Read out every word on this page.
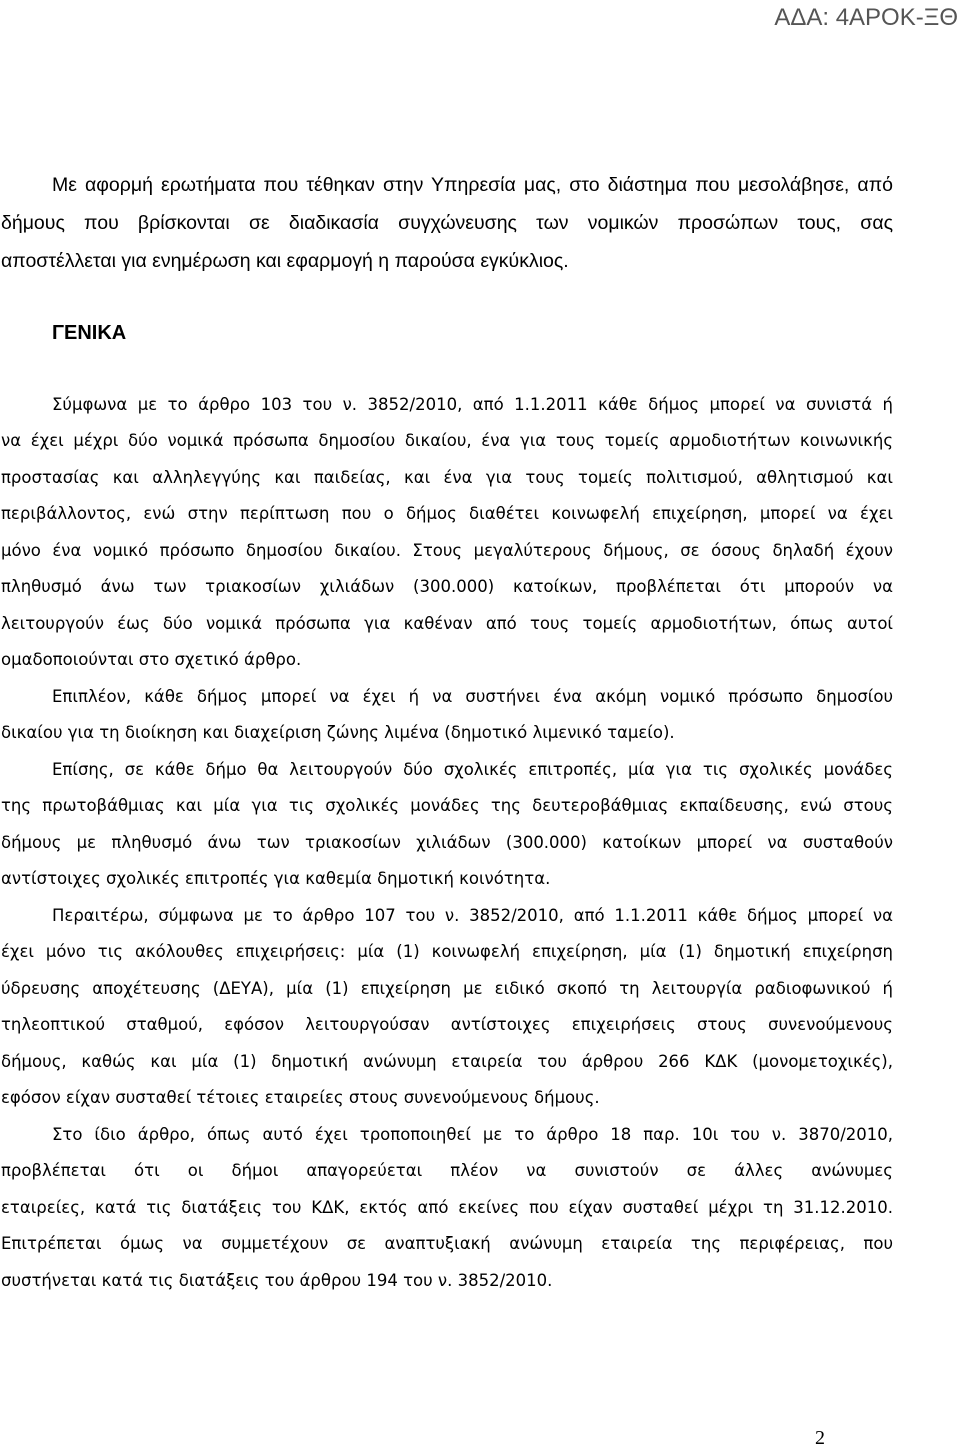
ΑΔΑ: 4ΑΡΟΚ-ΞΘ
Με αφορμή ερωτήματα που τέθηκαν στην Υπηρεσία μας, στο διάστημα που μεσολάβησε, από
δήμους που βρίσκονται σε διαδικασία συγχώνευσης των νομικών προσώπων τους, σας
αποστέλλεται για ενημέρωση και εφαρμογή η παρούσα εγκύκλιος.
ΓΕΝΙΚΑ
Σύμφωνα με το άρθρο 103 του ν. 3852/2010, από 1.1.2011 κάθε δήμος μπορεί να συνιστά ή
να έχει μέχρι δύο νομικά πρόσωπα δημοσίου δικαίου, ένα για τους τομείς αρμοδιοτήτων κοινωνικής
προστασίας και αλληλεγγύης και παιδείας, και ένα για τους τομείς πολιτισμού, αθλητισμού και
περιβάλλοντος, ενώ στην περίπτωση που ο δήμος διαθέτει κοινωφελή επιχείρηση, μπορεί να έχει
μόνο ένα νομικό πρόσωπο δημοσίου δικαίου. Στους μεγαλύτερους δήμους, σε όσους δηλαδή έχουν
πληθυσμό άνω των τριακοσίων χιλιάδων (300.000) κατοίκων, προβλέπεται ότι μπορούν να
λειτουργούν έως δύο νομικά πρόσωπα για καθέναν από τους τομείς αρμοδιοτήτων, όπως αυτοί
ομαδοποιούνται στο σχετικό άρθρο.
Επιπλέον, κάθε δήμος μπορεί να έχει ή να συστήνει ένα ακόμη νομικό πρόσωπο δημοσίου
δικαίου για τη διοίκηση και διαχείριση ζώνης λιμένα (δημοτικό λιμενικό ταμείο).
Επίσης, σε κάθε δήμο θα λειτουργούν δύο σχολικές επιτροπές, μία για τις σχολικές μονάδες
της πρωτοβάθμιας και μία για τις σχολικές μονάδες της δευτεροβάθμιας εκπαίδευσης, ενώ στους
δήμους με πληθυσμό άνω των τριακοσίων χιλιάδων (300.000) κατοίκων μπορεί να συσταθούν
αντίστοιχες σχολικές επιτροπές για καθεμία δημοτική κοινότητα.
Περαιτέρω, σύμφωνα με το άρθρο 107 του ν. 3852/2010, από 1.1.2011 κάθε δήμος μπορεί να
έχει μόνο τις ακόλουθες επιχειρήσεις: μία (1) κοινωφελή επιχείρηση, μία (1) δημοτική επιχείρηση
ύδρευσης αποχέτευσης (ΔΕΥΑ), μία (1) επιχείρηση με ειδικό σκοπό τη λειτουργία ραδιοφωνικού ή
τηλεοπτικού σταθμού, εφόσον λειτουργούσαν αντίστοιχες επιχειρήσεις στους συνενούμενους
δήμους, καθώς και μία (1) δημοτική ανώνυμη εταιρεία του άρθρου 266 ΚΔΚ (μονομετοχικές),
εφόσον είχαν συσταθεί τέτοιες εταιρείες στους συνενούμενους δήμους.
Στο ίδιο άρθρο, όπως αυτό έχει τροποποιηθεί με το άρθρο 18 παρ. 10ι του ν. 3870/2010,
προβλέπεται ότι οι δήμοι απαγορεύεται πλέον να συνιστούν σε άλλες ανώνυμες
εταιρείες, κατά τις διατάξεις του ΚΔΚ, εκτός από εκείνες που είχαν συσταθεί μέχρι τη 31.12.2010.
Επιτρέπεται όμως να συμμετέχουν σε αναπτυξιακή ανώνυμη εταιρεία της περιφέρειας, που
συστήνεται κατά τις διατάξεις του άρθρου 194 του ν. 3852/2010.
2
